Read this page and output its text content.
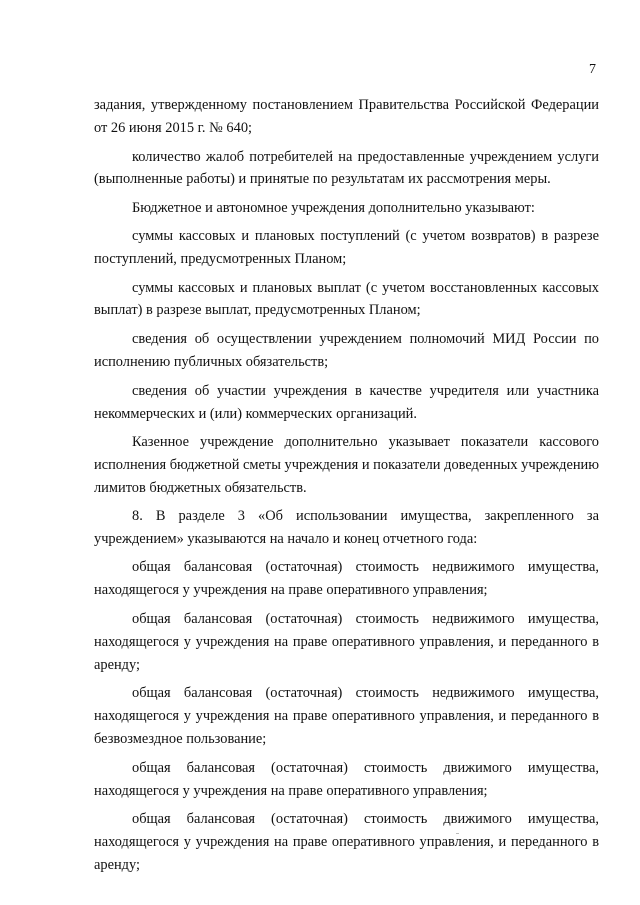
7

задания, утвержденному постановлением Правительства Российской Федерации от 26 июня 2015 г. № 640;

количество жалоб потребителей на предоставленные учреждением услуги (выполненные работы) и принятые по результатам их рассмотрения меры.

Бюджетное и автономное учреждения дополнительно указывают:

суммы кассовых и плановых поступлений (с учетом возвратов) в разрезе поступлений, предусмотренных Планом;

суммы кассовых и плановых выплат (с учетом восстановленных кассовых выплат) в разрезе выплат, предусмотренных Планом;

сведения об осуществлении учреждением полномочий МИД России по исполнению публичных обязательств;

сведения об участии учреждения в качестве учредителя или участника некоммерческих и (или) коммерческих организаций.

Казенное учреждение дополнительно указывает показатели кассового исполнения бюджетной сметы учреждения и показатели доведенных учреждению лимитов бюджетных обязательств.

8. В разделе 3 «Об использовании имущества, закрепленного за учреждением» указываются на начало и конец отчетного года:

общая балансовая (остаточная) стоимость недвижимого имущества, находящегося у учреждения на праве оперативного управления;

общая балансовая (остаточная) стоимость недвижимого имущества, находящегося у учреждения на праве оперативного управления, и переданного в аренду;

общая балансовая (остаточная) стоимость недвижимого имущества, находящегося у учреждения на праве оперативного управления, и переданного в безвозмездное пользование;

общая балансовая (остаточная) стоимость движимого имущества, находящегося у учреждения на праве оперативного управления;

общая балансовая (остаточная) стоимость движимого имущества, находящегося у учреждения на праве оперативного управления, и переданного в аренду;
